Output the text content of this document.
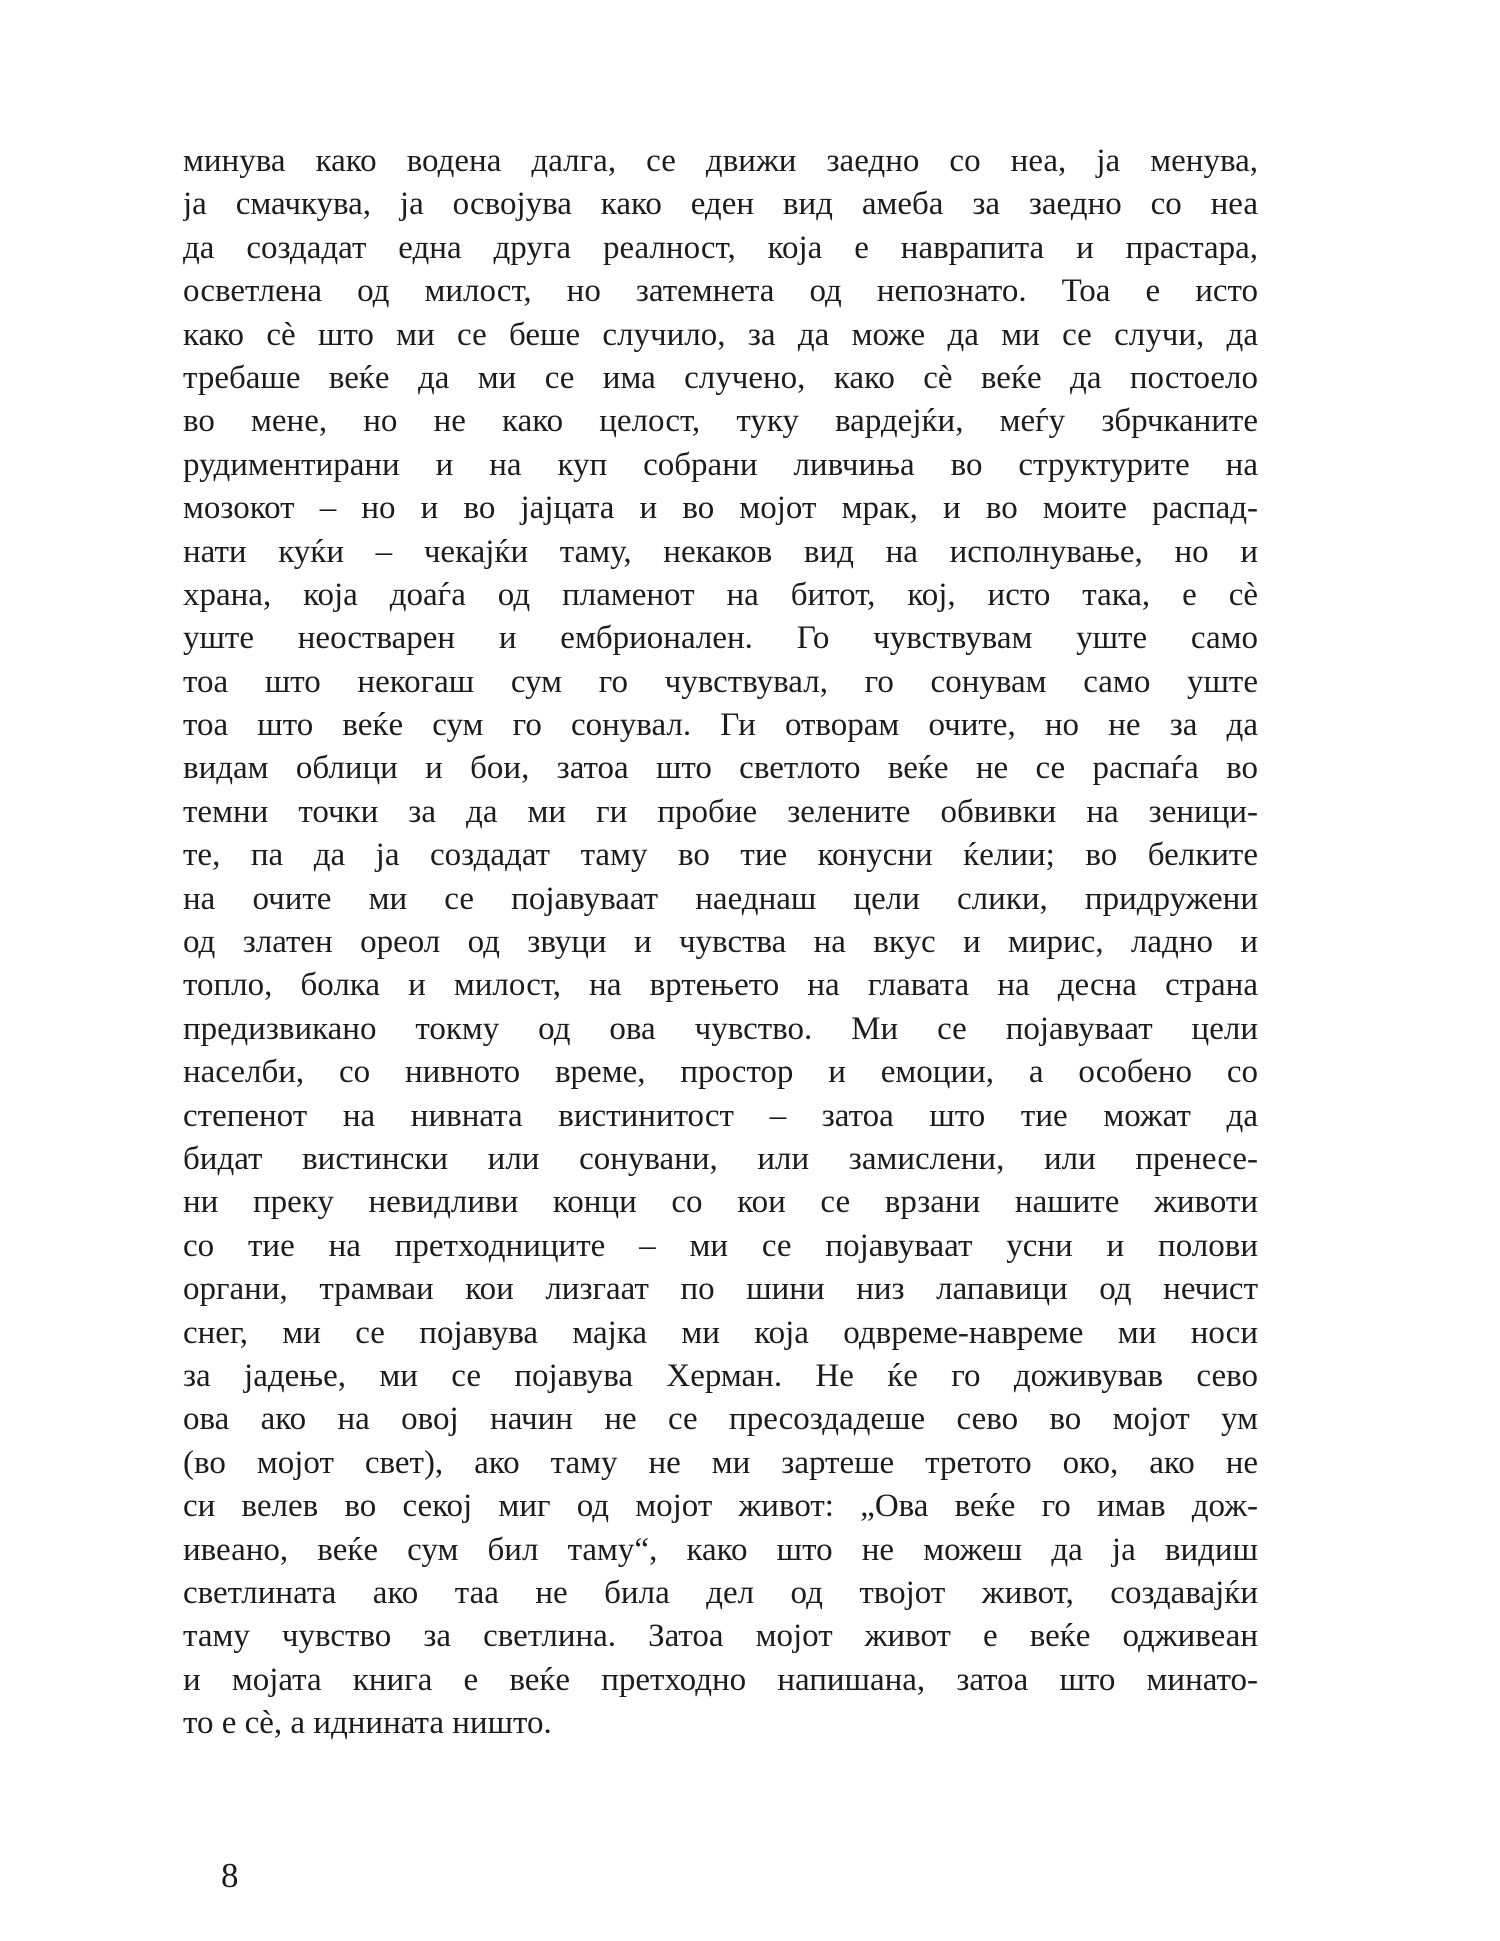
минува како водена далга, се движи заедно со неа, ја менува,
ја смачкува, ја освојува како еден вид амеба за заедно со неа
да создадат една друга реалност, која е наврапита и прастара,
осветлена од милост, но затемнета од непознато. Тоа е исто
како сѐ што ми се беше случило, за да може да ми се случи, да
требаше веќе да ми се има случено, како сѐ веќе да постоело
во мене, но не како целост, туку вардејќи, меѓу збрчканите
рудиментирани и на куп собрани ливчиња во структурите на
мозокот – но и во јајцата и во мојот мрак, и во моите распад-
нати куќи – чекајќи таму, некаков вид на исполнување, но и
храна, која доаѓа од пламенот на битот, кој, исто така, е сѐ
уште неостварен и ембрионален. Го чувствувам уште само
тоа што некогаш сум го чувствувал, го сонувам само уште
тоа што веќе сум го сонувал. Ги отворам очите, но не за да
видам облици и бои, затоа што светлото веќе не се распаѓа во
темни точки за да ми ги пробие зелените обвивки на зеници-
те, па да ја создадат таму во тие конусни ќелии; во белките
на очите ми се појавуваат наеднаш цели слики, придружени
од златен ореол од звуци и чувства на вкус и мирис, ладно и
топло, болка и милост, на вртењето на главата на десна страна
предизвикано токму од ова чувство. Ми се појавуваат цели
населби, со нивното време, простор и емоции, а особено со
степенот на нивната вистинитост – затоа што тие можат да
бидат вистински или сонувани, или замислени, или пренесе-
ни преку невидливи конци со кои се врзани нашите животи
со тие на претходниците – ми се појавуваат усни и полови
органи, трамваи кои лизгаат по шини низ лапавици од нечист
снег, ми се појавува мајка ми која одвреме-навреме ми носи
за јадење, ми се појавува Херман. Не ќе го доживував сево
ова ако на овој начин не се пресоздадеше сево во мојот ум
(во мојот свет), ако таму не ми зартеше третото око, ако не
си велев во секој миг од мојот живот: „Ова веќе го имав дож-
ивеано, веќе сум бил таму“, како што не можеш да ја видиш
светлината ако таа не била дел од твојот живот, создавајќи
таму чувство за светлина. Затоа мојот живот е веќе одживеан
и мојата книга е веќе претходно напишана, затоа што минато-
то е сѐ, а иднината ништо.
8
